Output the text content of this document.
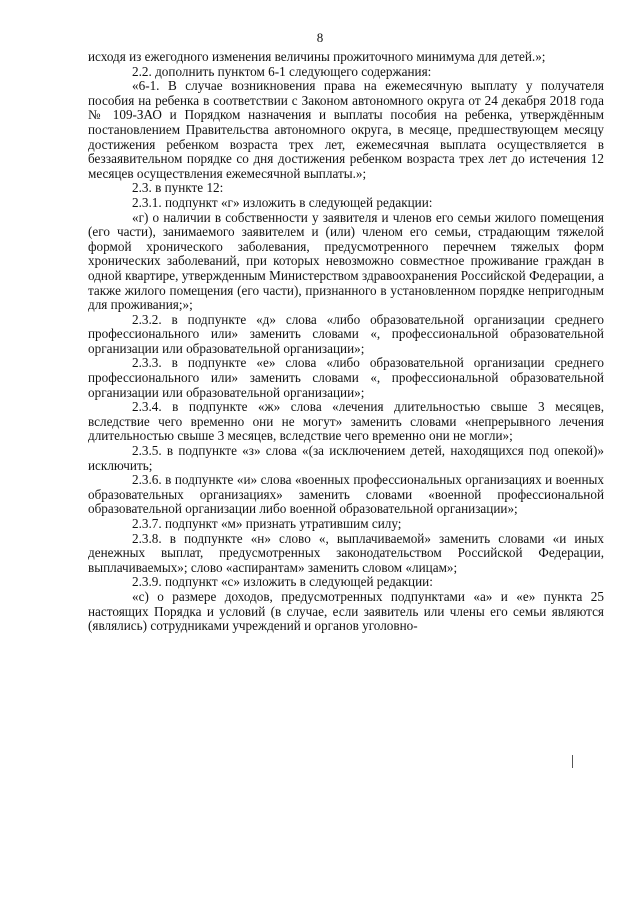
8

исходя из ежегодного изменения величины прожиточного минимума для детей.»;

2.2. дополнить пунктом 6-1 следующего содержания:

«6-1. В случае возникновения права на ежемесячную выплату у получателя пособия на ребенка в соответствии с Законом автономного округа от 24 декабря 2018 года № 109-ЗАО и Порядком назначения и выплаты пособия на ребенка, утверждённым постановлением Правительства автономного округа, в месяце, предшествующем месяцу достижения ребенком возраста трех лет, ежемесячная выплата осуществляется в беззаявительном порядке со дня достижения ребенком возраста трех лет до истечения 12 месяцев осуществления ежемесячной выплаты.»;

2.3. в пункте 12:

2.3.1. подпункт «г» изложить в следующей редакции:

«г) о наличии в собственности у заявителя и членов его семьи жилого помещения (его части), занимаемого заявителем и (или) членом его семьи, страдающим тяжелой формой хронического заболевания, предусмотренного перечнем тяжелых форм хронических заболеваний, при которых невозможно совместное проживание граждан в одной квартире, утвержденным Министерством здравоохранения Российской Федерации, а также жилого помещения (его части), признанного в установленном порядке непригодным для проживания;»;

2.3.2. в подпункте «д» слова «либо образовательной организации среднего профессионального или» заменить словами «, профессиональной образовательной организации или образовательной организации»;

2.3.3. в подпункте «е» слова «либо образовательной организации среднего профессионального или» заменить словами «, профессиональной образовательной организации или образовательной организации»;

2.3.4. в подпункте «ж» слова «лечения длительностью свыше 3 месяцев, вследствие чего временно они не могут» заменить словами «непрерывного лечения длительностью свыше 3 месяцев, вследствие чего временно они не могли»;

2.3.5. в подпункте «з» слова «(за исключением детей, находящихся под опекой)» исключить;

2.3.6. в подпункте «и» слова «военных профессиональных организациях и военных образовательных организациях» заменить словами «военной профессиональной образовательной организации либо военной образовательной организации»;

2.3.7. подпункт «м» признать утратившим силу;

2.3.8. в подпункте «н» слово «, выплачиваемой» заменить словами «и иных денежных выплат, предусмотренных законодательством Российской Федерации, выплачиваемых»; слово «аспирантам» заменить словом «лицам»;

2.3.9. подпункт «с» изложить в следующей редакции:

«с) о размере доходов, предусмотренных подпунктами «а» и «е» пункта 25 настоящих Порядка и условий (в случае, если заявитель или члены его семьи являются (являлись) сотрудниками учреждений и органов уголовно-
